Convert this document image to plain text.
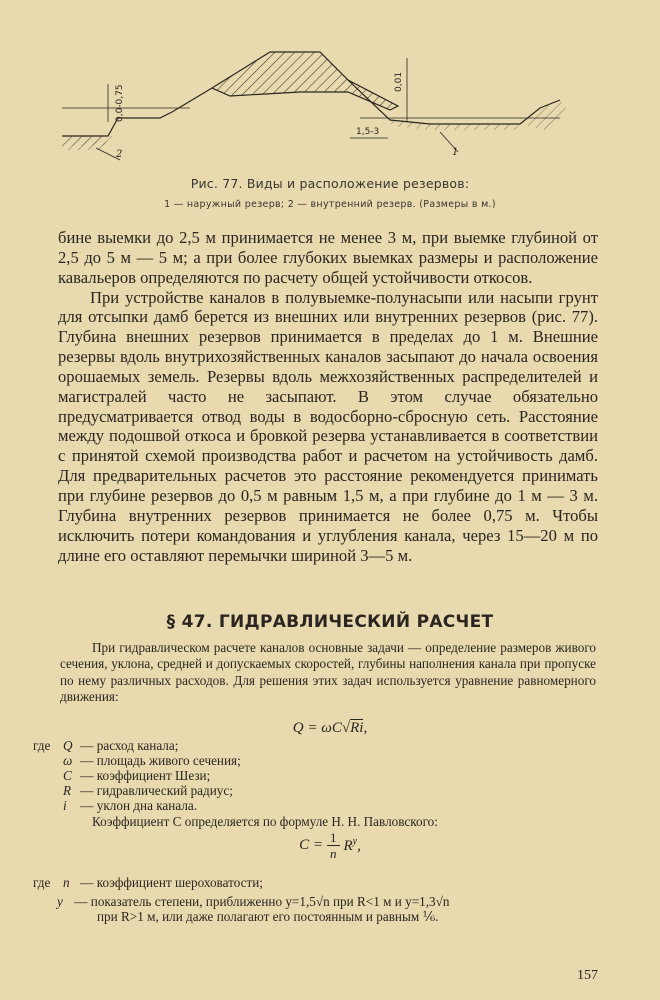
0,0-0,75
0,01
1,5-3
2	1
Рис. 77. Виды и расположение резервов:
1 — наружный резерв; 2 — внутренний резерв. (Размеры в м.)

бине выемки до 2,5 м принимается не менее 3 м, при выемке глубиной от 2,5 до 5 м — 5 м; а при более глубоких выемках размеры и расположение кавальеров определяются по расчету общей устойчивости откосов.

При устройстве каналов в полувыемке-полунасыпи или насыпи грунт для отсыпки дамб берется из внешних или внутренних резервов (рис. 77). Глубина внешних резервов принимается в пределах до 1 м. Внешние резервы вдоль внутрихозяйственных каналов засыпают до начала освоения орошаемых земель. Резервы вдоль межхозяйственных распределителей и магистралей часто не засыпают. В этом случае обязательно предусматривается отвод воды в водосборно-сбросную сеть. Расстояние между подошвой откоса и бровкой резерва устанавливается в соответствии с принятой схемой производства работ и расчетом на устойчивость дамб. Для предварительных расчетов это расстояние рекомендуется принимать при глубине резервов до 0,5 м равным 1,5 м, а при глубине до 1 м — 3 м. Глубина внутренних резервов принимается не более 0,75 м. Чтобы исключить потери командования и углубления канала, через 15—20 м по длине его оставляют перемычки шириной 3—5 м.

§ 47. ГИДРАВЛИЧЕСКИЙ РАСЧЕТ

При гидравлическом расчете каналов основные задачи — определение размеров живого сечения, уклона, средней и допускаемых скоростей, глубины наполнения канала при пропуске по нему различных расходов. Для решения этих задач используется уравнение равномерного движения:

Q = ωC√Ri,
где Q — расход канала;
ω — площадь живого сечения;
C — коэффициент Шези;
R — гидравлический радиус;
i — уклон дна канала.

Коэффициент C определяется по формуле Н. Н. Павловского:

$C = \frac{1}{n} R^y$,
где n — коэффициент шероховатости;
y — показатель степени, приближенно y=1,5√n при R<1 м и y=1,3√n
при R>1 м, или даже полагают его постоянным и равным ⅙.
157
